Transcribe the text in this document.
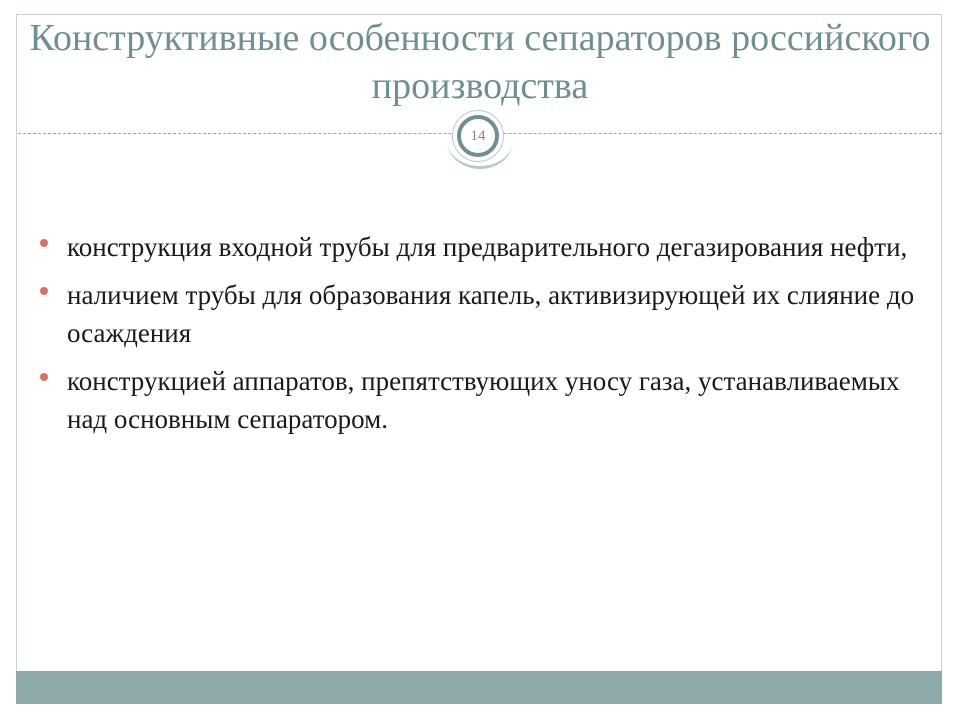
Конструктивные особенности сепараторов российского производства
14
конструкция входной трубы для предварительного дегазирования нефти,
наличием трубы для образования капель, активизирующей их слияние до осаждения
конструкцией аппаратов, препятствующих уносу газа, устанавливаемых над основным сепаратором.
